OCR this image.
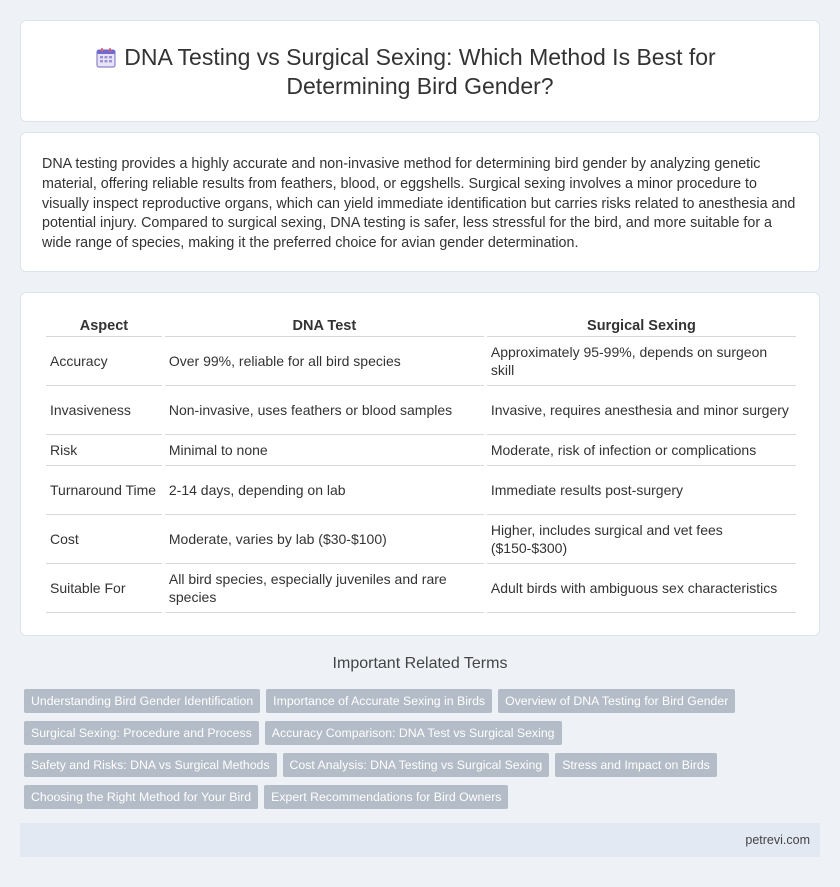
DNA Testing vs Surgical Sexing: Which Method Is Best for Determining Bird Gender?

DNA testing provides a highly accurate and non-invasive method for determining bird gender by analyzing genetic material, offering reliable results from feathers, blood, or eggshells. Surgical sexing involves a minor procedure to visually inspect reproductive organs, which can yield immediate identification but carries risks related to anesthesia and potential injury. Compared to surgical sexing, DNA testing is safer, less stressful for the bird, and more suitable for a wide range of species, making it the preferred choice for avian gender determination.

Aspect	DNA Test	Surgical Sexing
Accuracy	Over 99%, reliable for all bird species	Approximately 95-99%, depends on surgeon skill
Invasiveness	Non-invasive, uses feathers or blood samples	Invasive, requires anesthesia and minor surgery
Risk	Minimal to none	Moderate, risk of infection or complications
Turnaround Time	2-14 days, depending on lab	Immediate results post-surgery
Cost	Moderate, varies by lab ($30-$100)	Higher, includes surgical and vet fees ($150-$300)
Suitable For	All bird species, especially juveniles and rare species	Adult birds with ambiguous sex characteristics
Important Related Terms
Understanding Bird Gender Identification	Importance of Accurate Sexing in Birds	Overview of DNA Testing for Bird Gender
Surgical Sexing: Procedure and Process	Accuracy Comparison: DNA Test vs Surgical Sexing
Safety and Risks: DNA vs Surgical Methods	Cost Analysis: DNA Testing vs Surgical Sexing	Stress and Impact on Birds
Choosing the Right Method for Your Bird	Expert Recommendations for Bird Owners
petrevi.com
